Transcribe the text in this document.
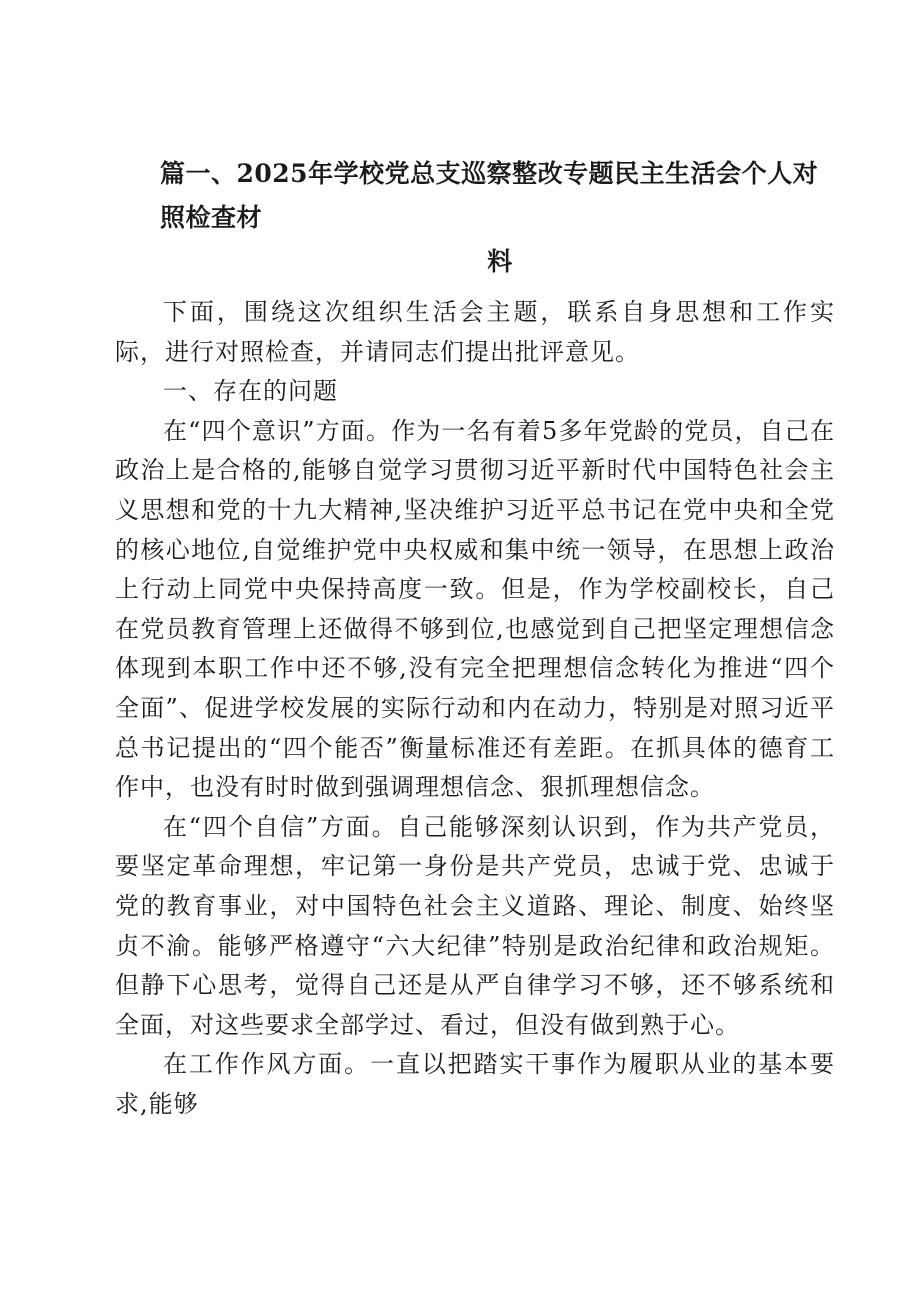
篇一、2025年学校党总支巡察整改专题民主生活会个人对照检查材
料

下面，围绕这次组织生活会主题，联系自身思想和工作实际，进行对照检查，并请同志们提出批评意见。

一、存在的问题

在“四个意识”方面。作为一名有着5多年党龄的党员，自己在政治上是合格的,能够自觉学习贯彻习近平新时代中国特色社会主义思想和党的十九大精神,坚决维护习近平总书记在党中央和全党的核心地位,自觉维护党中央权威和集中统一领导，在思想上政治上行动上同党中央保持高度一致。但是，作为学校副校长，自己在党员教育管理上还做得不够到位,也感觉到自己把坚定理想信念体现到本职工作中还不够,没有完全把理想信念转化为推进“四个全面”、促进学校发展的实际行动和内在动力，特别是对照习近平总书记提出的“四个能否”衡量标准还有差距。在抓具体的德育工作中，也没有时时做到强调理想信念、狠抓理想信念。

在“四个自信”方面。自己能够深刻认识到，作为共产党员，要坚定革命理想，牢记第一身份是共产党员，忠诚于党、忠诚于党的教育事业，对中国特色社会主义道路、理论、制度、始终坚贞不渝。能够严格遵守“六大纪律”特别是政治纪律和政治规矩。但静下心思考，觉得自己还是从严自律学习不够，还不够系统和全面，对这些要求全部学过、看过，但没有做到熟于心。

在工作作风方面。一直以把踏实干事作为履职从业的基本要求,能够
